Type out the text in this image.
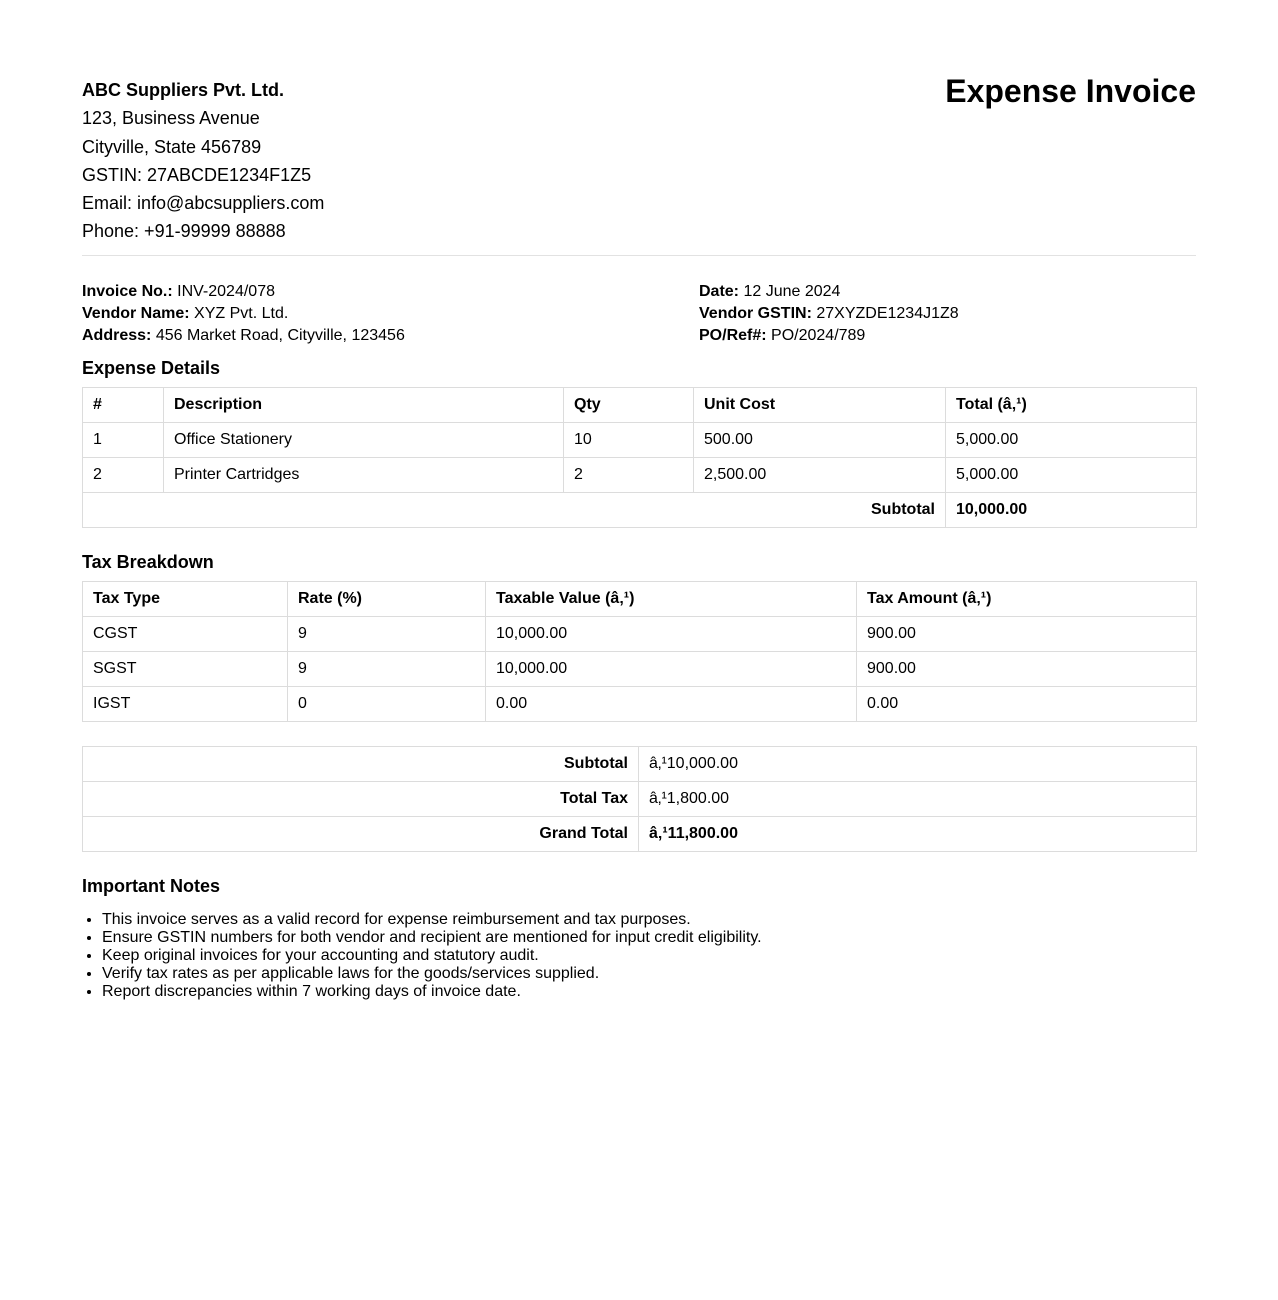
ABC Suppliers Pvt. Ltd.
123, Business Avenue
Cityville, State 456789
GSTIN: 27ABCDE1234F1Z5
Email: info@abcsuppliers.com
Phone: +91-99999 88888
Expense Invoice
Invoice No.: INV-2024/078
Vendor Name: XYZ Pvt. Ltd.
Address: 456 Market Road, Cityville, 123456
Date: 12 June 2024
Vendor GSTIN: 27XYZDE1234J1Z8
PO/Ref#: PO/2024/789
Expense Details
#	Description	Qty	Unit Cost	Total (â‚¹)
1	Office Stationery	10	500.00	5,000.00
2	Printer Cartridges	2	2,500.00	5,000.00
Subtotal				10,000.00
Tax Breakdown
Tax Type	Rate (%)	Taxable Value (â‚¹)	Tax Amount (â‚¹)
CGST	9	10,000.00	900.00
SGST	9	10,000.00	900.00
IGST	0	0.00	0.00
Subtotal	â‚¹10,000.00
Total Tax	â‚¹1,800.00
Grand Total	â‚¹11,800.00
Important Notes
• This invoice serves as a valid record for expense reimbursement and tax purposes.
• Ensure GSTIN numbers for both vendor and recipient are mentioned for input credit eligibility.
• Keep original invoices for your accounting and statutory audit.
• Verify tax rates as per applicable laws for the goods/services supplied.
• Report discrepancies within 7 working days of invoice date.
